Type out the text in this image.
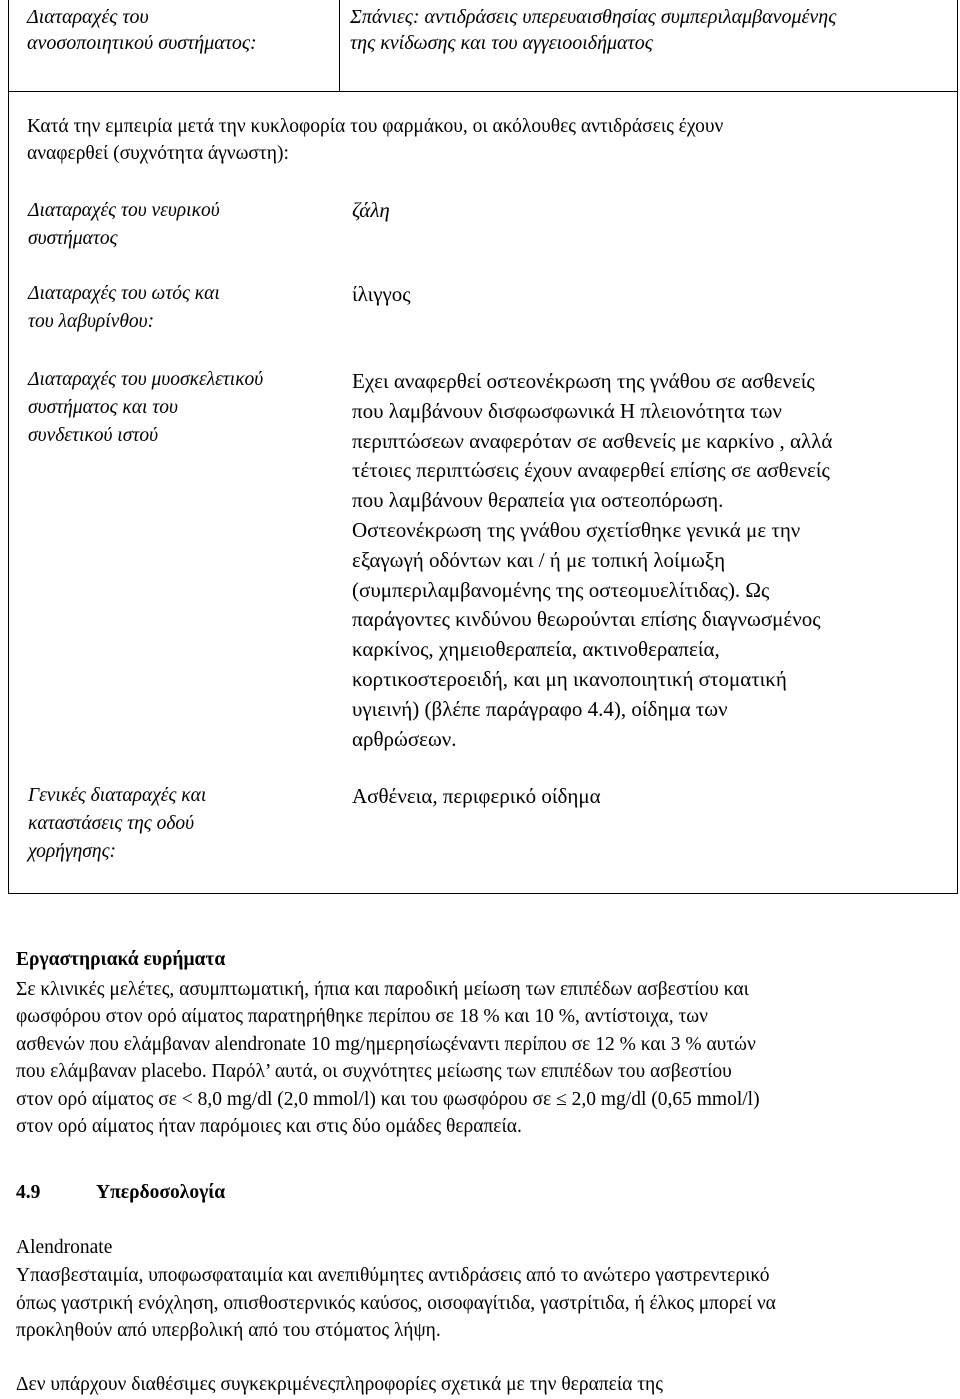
Διαταραχές του
ανοσοποιητικού συστήματος:
Σπάνιες: αντιδράσεις υπερευαισθησίας συμπεριλαμβανομένης
της κνίδωσης και του αγγειοοιδήματος
Κατά την εμπειρία μετά την κυκλοφορία του φαρμάκου, οι ακόλουθες αντιδράσεις έχουν
αναφερθεί (συχνότητα άγνωστη):
Διαταραχές του νευρικού
συστήματος
ζάλη
Διαταραχές του ωτός και
του λαβυρίνθου:
ίλιγγος
Διαταραχές του μυοσκελετικού
συστήματος και του
συνδετικού ιστού
Εχει αναφερθεί οστεονέκρωση της γνάθου σε ασθενείς
που λαμβάνουν δισφωσφωνικά Η πλειονότητα των
περιπτώσεων αναφερόταν σε ασθενείς με καρκίνο , αλλά
τέτοιες περιπτώσεις έχουν αναφερθεί επίσης σε ασθενείς
που λαμβάνουν θεραπεία για οστεοπόρωση.
Οστεονέκρωση της γνάθου σχετίσθηκε γενικά με την
εξαγωγή οδόντων και / ή με τοπική λοίμωξη
(συμπεριλαμβανομένης της οστεομυελίτιδας). Ως
παράγοντες κινδύνου θεωρούνται επίσης διαγνωσμένος
καρκίνος, χημειοθεραπεία, ακτινοθεραπεία,
κορτικοστεροειδή, και μη ικανοποιητική στοματική
υγιεινή) (βλέπε παράγραφο 4.4), οίδημα των
αρθρώσεων.
Γενικές διαταραχές και
καταστάσεις της οδού
χορήγησης:
Ασθένεια, περιφερικό οίδημα
Εργαστηριακά ευρήματα
Σε κλινικές μελέτες, ασυμπτωματική, ήπια και παροδική μείωση των επιπέδων ασβεστίου και
φωσφόρου στον ορό αίματος παρατηρήθηκε περίπου σε 18 % και 10 %, αντίστοιχα, των
ασθενών που ελάμβαναν alendronate 10 mg/ημερησίωςέναντι περίπου σε 12 % και 3 % αυτών
που ελάμβαναν placebo. Παρόλ’ αυτά, οι συχνότητες μείωσης των επιπέδων του ασβεστίου
στον ορό αίματος σε < 8,0 mg/dl (2,0 mmol/l) και του φωσφόρου σε ≤ 2,0 mg/dl (0,65 mmol/l)
στον ορό αίματος ήταν παρόμοιες και στις δύο ομάδες θεραπεία.
4.9	Υπερδοσολογία
Alendronate
Υπασβεσταιμία, υποφωσφαταιμία και ανεπιθύμητες αντιδράσεις από το ανώτερο γαστρεντερικό
όπως γαστρική ενόχληση, οπισθοστερνικός καύσος, οισοφαγίτιδα, γαστρίτιδα, ή έλκος μπορεί να
προκληθούν από υπερβολική από του στόματος λήψη.
Δεν υπάρχουν διαθέσιμες συγκεκριμένεςπληροφορίες σχετικά με την θεραπεία της
